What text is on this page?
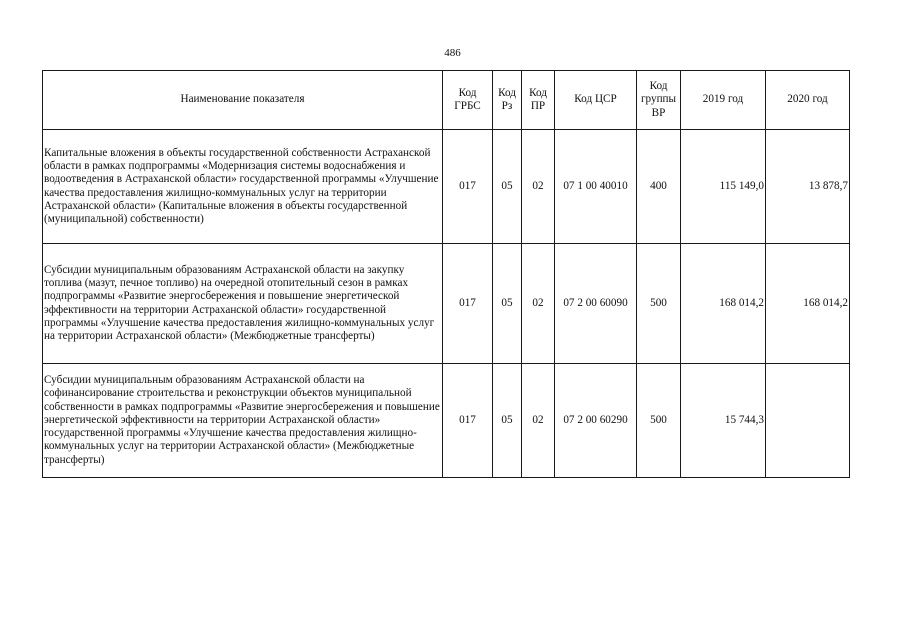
486
Наименование показателя	Код ГРБС	Код Рз	Код ПР	Код ЦСР	Код группы ВР	2019 год	2020 год
Капитальные вложения в объекты государственной собственности Астраханской области в рамках подпрограммы «Модернизация системы водоснабжения и водоотведения в Астраханской области» государственной программы «Улучшение качества предоставления жилищно-коммунальных услуг на территории Астраханской области» (Капитальные вложения в объекты государственной (муниципальной) собственности)	017	05	02	07 1 00 40010	400	115 149,0	13 878,7
Субсидии муниципальным образованиям Астраханской области на закупку топлива (мазут, печное топливо) на очередной отопительный сезон в рамках подпрограммы «Развитие энергосбережения и повышение энергетической эффективности на территории Астраханской области» государственной программы «Улучшение качества предоставления жилищно-коммунальных услуг на территории Астраханской области» (Межбюджетные трансферты)	017	05	02	07 2 00 60090	500	168 014,2	168 014,2
Субсидии муниципальным образованиям Астраханской области на софинансирование строительства и реконструкции объектов муниципальной собственности в рамках подпрограммы «Развитие энергосбережения и повышение энергетической эффективности на территории Астраханской области» государственной программы «Улучшение качества предоставления жилищно-коммунальных услуг на территории Астраханской области» (Межбюджетные трансферты)	017	05	02	07 2 00 60290	500	15 744,3	
